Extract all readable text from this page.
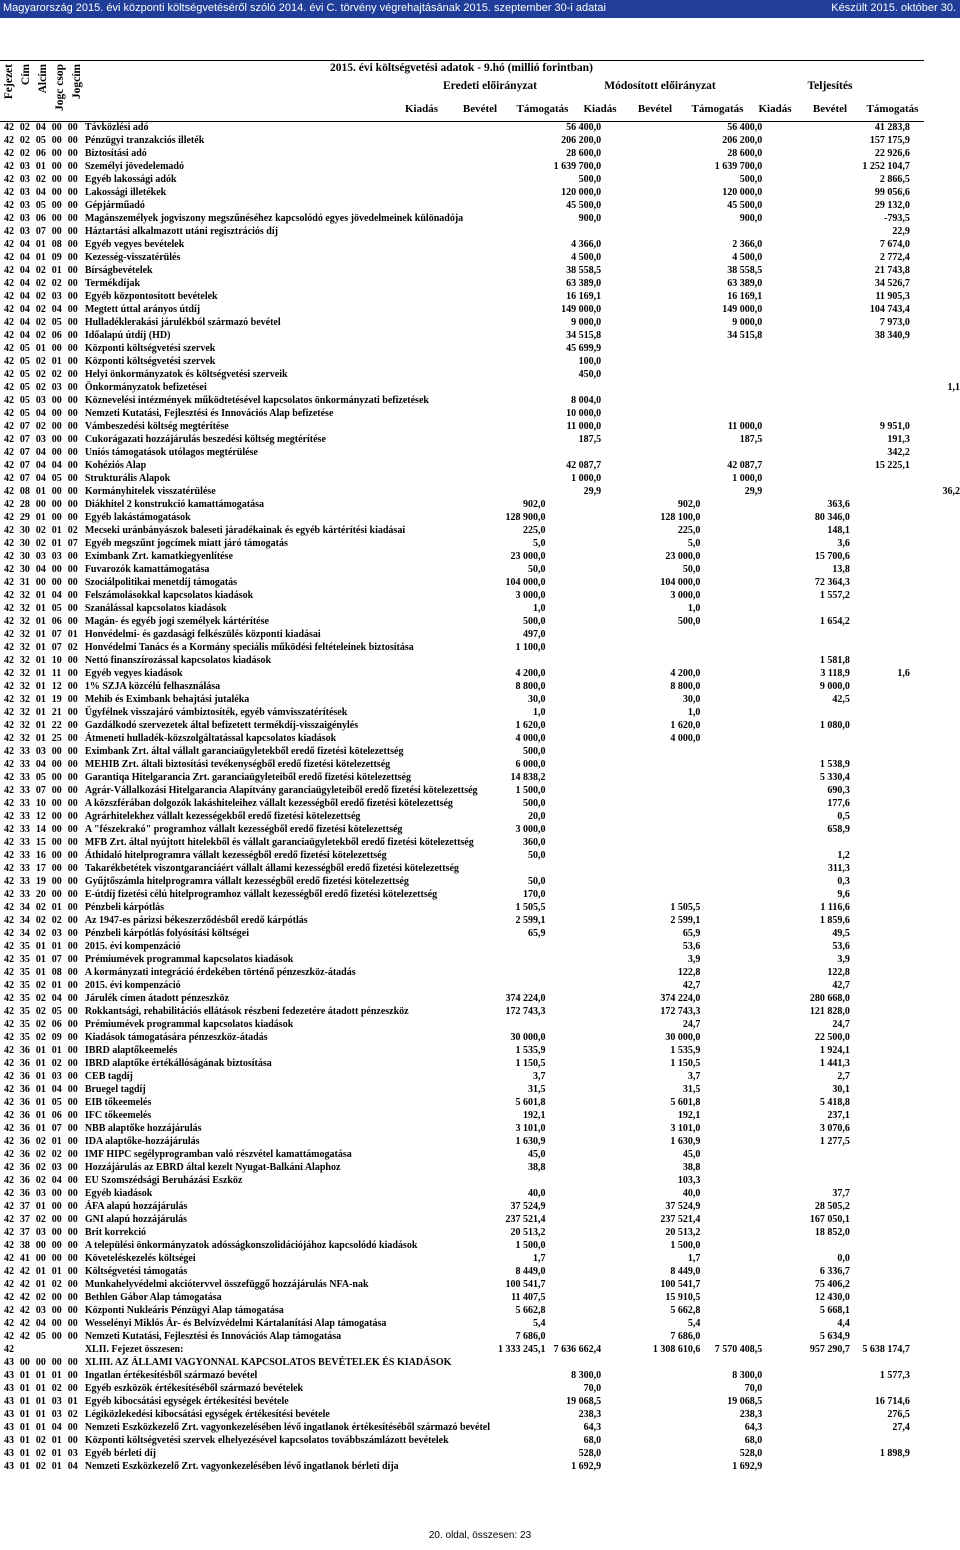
Magyarország 2015. évi központi költségvetéséről szóló 2014. évi C. törvény végrehajtásának 2015. szeptember 30-i adatai	Készült 2015. október 30.
2015. évi költségvetési adatok - 9.hó (millió forintban)
Eredeti előirányzat	Módosított előirányzat	Teljesítés
Kiadás	Bevétel	Támogatás	Kiadás	Bevétel	Támogatás	Kiadás	Bevétel	Támogatás
Fejezet Cím Alcím Jogc csop Jogcím
42	02	04	00	00	Távközlési adó		56 400,0			56 400,0			41 283,8	
42	02	05	00	00	Pénzügyi tranzakciós illeték		206 200,0			206 200,0			157 175,9	
42	02	06	00	00	Biztosítási adó		28 600,0			28 600,0			22 926,6	
42	03	01	00	00	Személyi jövedelemadó		1 639 700,0			1 639 700,0			1 252 104,7	
42	03	02	00	00	Egyéb lakossági adók		500,0			500,0			2 866,5	
42	03	04	00	00	Lakossági illetékek		120 000,0			120 000,0			99 056,6	
42	03	05	00	00	Gépjárműadó		45 500,0			45 500,0			29 132,0	
42	03	06	00	00	Magánszemélyek jogviszony megszűnéséhez kapcsolódó egyes jövedelmeinek különadója		900,0			900,0			-793,5	
42	03	07	00	00	Háztartási alkalmazott utáni regisztrációs díj								22,9	
42	04	01	08	00	Egyéb vegyes bevételek		4 366,0			2 366,0			7 674,0	
42	04	01	09	00	Kezesség-visszatérülés		4 500,0			4 500,0			2 772,4	
42	04	02	01	00	Bírságbevételek		38 558,5			38 558,5			21 743,8	
42	04	02	02	00	Termékdíjak		63 389,0			63 389,0			34 526,7	
42	04	02	03	00	Egyéb központosított bevételek		16 169,1			16 169,1			11 905,3	
42	04	02	04	00	Megtett úttal arányos útdíj		149 000,0			149 000,0			104 743,4	
42	04	02	05	00	Hulladéklerakási járulékból származó bevétel		9 000,0			9 000,0			7 973,0	
42	04	02	06	00	Időalapú útdíj (HD)		34 515,8			34 515,8			38 340,9	
42	05	01	00	00	Központi költségvetési szervek		45 699,9							
42	05	02	01	00	Központi költségvetési szervek		100,0							
42	05	02	02	00	Helyi önkormányzatok és költségvetési szerveik		450,0							
42	05	02	03	00	Önkormányzatok befizetései									1,1
42	05	03	00	00	Köznevelési intézmények működtetésével kapcsolatos önkormányzati befizetések		8 004,0							
42	05	04	00	00	Nemzeti Kutatási, Fejlesztési és Innovációs Alap befizetése		10 000,0							
42	07	02	00	00	Vámbeszedési költség megtérítése		11 000,0			11 000,0			9 951,0	
42	07	03	00	00	Cukorágazati hozzájárulás beszedési költség megtérítése		187,5			187,5			191,3	
42	07	04	00	00	Uniós támogatások utólagos megtérülése								342,2	
42	07	04	04	00	Kohéziós Alap		42 087,7			42 087,7			15 225,1	
42	07	04	05	00	Strukturális Alapok		1 000,0			1 000,0				
42	08	01	00	00	Kormányhitelek visszatérülése		29,9			29,9				36,2
42	28	00	00	00	Diákhitel 2 konstrukció kamattámogatása	902,0			902,0			363,6		
42	29	01	00	00	Egyéb lakástámogatások	128 900,0			128 100,0			80 346,0		
42	30	02	01	02	Mecseki uránbányászok baleseti járadékainak és egyéb kártérítési kiadásai	225,0			225,0			148,1		
42	30	02	01	07	Egyéb megszűnt jogcímek miatt járó támogatás	5,0			5,0			3,6		
42	30	03	03	00	Eximbank Zrt. kamatkiegyenlítése	23 000,0			23 000,0			15 700,6		
42	30	04	00	00	Fuvarozók kamattámogatása	50,0			50,0			13,8		
42	31	00	00	00	Szociálpolitikai menetdíj támogatás	104 000,0			104 000,0			72 364,3		
42	32	01	04	00	Felszámolásokkal kapcsolatos kiadások	3 000,0			3 000,0			1 557,2		
42	32	01	05	00	Szanálással kapcsolatos kiadások	1,0			1,0					
42	32	01	06	00	Magán- és egyéb jogi személyek kártérítése	500,0			500,0			1 654,2		
42	32	01	07	01	Honvédelmi- és gazdasági felkészülés központi kiadásai	497,0								
42	32	01	07	02	Honvédelmi Tanács és a Kormány speciális működési feltételeinek biztosítása	1 100,0								
42	32	01	10	00	Nettó finanszírozással kapcsolatos kiadások							1 581,8		
42	32	01	11	00	Egyéb vegyes kiadások	4 200,0			4 200,0			3 118,9	1,6	
42	32	01	12	00	1% SZJA közcélú felhasználása	8 800,0			8 800,0			9 000,0		
42	32	01	19	00	Mehib és Eximbank behajtási jutaléka	30,0			30,0			42,5		
42	32	01	21	00	Ügyfélnek visszajáró vámbiztosíték, egyéb vámvisszatérítések	1,0			1,0					
42	32	01	22	00	Gazdálkodó szervezetek által befizetett termékdíj-visszaigénylés	1 620,0			1 620,0			1 080,0		
42	32	01	25	00	Átmeneti hulladék-közszolgáltatással kapcsolatos kiadások	4 000,0			4 000,0					
42	33	03	00	00	Eximbank Zrt. által vállalt garanciaügyletekből eredő fizetési kötelezettség	500,0								
42	33	04	00	00	MEHIB Zrt. általi biztosítási tevékenységből eredő fizetési kötelezettség	6 000,0						1 538,9		
42	33	05	00	00	Garantiqa Hitelgarancia Zrt. garanciaügyleteiből eredő fizetési kötelezettség	14 838,2						5 330,4		
42	33	07	00	00	Agrár-Vállalkozási Hitelgarancia Alapítvány garanciaügyleteiből eredő fizetési kötelezettség	1 500,0						690,3		
42	33	10	00	00	A közszférában dolgozók lakáshiteleihez vállalt kezességből eredő fizetési kötelezettség	500,0						177,6		
42	33	12	00	00	Agrárhitelekhez vállalt kezességekből eredő fizetési kötelezettség	20,0						0,5		
42	33	14	00	00	A "fészekrakó" programhoz vállalt kezességből eredő fizetési kötelezettség	3 000,0						658,9		
42	33	15	00	00	MFB Zrt. által nyújtott hitelekből és vállalt garanciaügyletekből eredő fizetési kötelezettség	360,0								
42	33	16	00	00	Áthidaló hitelprogramra vállalt kezességből eredő fizetési kötelezettség	50,0						1,2		
42	33	17	00	00	Takarékbetétek viszontgaranciáért vállalt állami kezességből eredő fizetési kötelezettség							311,3		
42	33	19	00	00	Gyűjtőszámla hitelprogramra vállalt kezességből eredő fizetési kötelezettség	50,0						0,3		
42	33	20	00	00	E-útdíj fizetési célú hitelprogramhoz vállalt kezességből eredő fizetési kötelezettség	170,0						9,6		
42	34	02	01	00	Pénzbeli kárpótlás	1 505,5			1 505,5			1 116,6		
42	34	02	02	00	Az 1947-es párizsi békeszerződésből eredő kárpótlás	2 599,1			2 599,1			1 859,6		
42	34	02	03	00	Pénzbeli kárpótlás folyósítási költségei	65,9			65,9			49,5		
42	35	01	01	00	2015. évi kompenzáció				53,6			53,6		
42	35	01	07	00	Prémiumévek programmal kapcsolatos kiadások				3,9			3,9		
42	35	01	08	00	A kormányzati integráció érdekében történő pénzeszköz-átadás				122,8			122,8		
42	35	02	01	00	2015. évi kompenzáció				42,7			42,7		
42	35	02	04	00	Járulék címen átadott pénzeszköz	374 224,0			374 224,0			280 668,0		
42	35	02	05	00	Rokkantsági, rehabilitációs ellátások részbeni fedezetére átadott pénzeszköz	172 743,3			172 743,3			121 828,0		
42	35	02	06	00	Prémiumévek programmal kapcsolatos kiadások				24,7			24,7		
42	35	02	09	00	Kiadások támogatására pénzeszköz-átadás	30 000,0			30 000,0			22 500,0		
42	36	01	01	00	IBRD alaptőkeemelés	1 535,9			1 535,9			1 924,1		
42	36	01	02	00	IBRD alaptőke értékállóságának biztosítása	1 150,5			1 150,5			1 441,3		
42	36	01	03	00	CEB tagdíj	3,7			3,7			2,7		
42	36	01	04	00	Bruegel tagdíj	31,5			31,5			30,1		
42	36	01	05	00	EIB tőkeemelés	5 601,8			5 601,8			5 418,8		
42	36	01	06	00	IFC tőkeemelés	192,1			192,1			237,1		
42	36	01	07	00	NBB alaptőke hozzájárulás	3 101,0			3 101,0			3 070,6		
42	36	02	01	00	IDA alaptőke-hozzájárulás	1 630,9			1 630,9			1 277,5		
42	36	02	02	00	IMF HIPC segélyprogramban való részvétel kamattámogatása	45,0			45,0					
42	36	02	03	00	Hozzájárulás az EBRD által kezelt Nyugat-Balkáni Alaphoz	38,8			38,8					
42	36	02	04	00	EU Szomszédsági Beruházási Eszköz				103,3					
42	36	03	00	00	Egyéb kiadások	40,0			40,0			37,7		
42	37	01	00	00	ÁFA alapú hozzájárulás	37 524,9			37 524,9			28 505,2		
42	37	02	00	00	GNI alapú hozzájárulás	237 521,4			237 521,4			167 050,1		
42	37	03	00	00	Brit korrekció	20 513,2			20 513,2			18 852,0		
42	38	00	00	00	A települési önkormányzatok adósságkonszolidációjához kapcsolódó kiadások	1 500,0			1 500,0					
42	41	00	00	00	Követeléskezelés költségei	1,7			1,7			0,0		
42	42	01	01	00	Költségvetési támogatás	8 449,0			8 449,0			6 336,7		
42	42	01	02	00	Munkahelyvédelmi akciótervvel összefüggő hozzájárulás NFA-nak	100 541,7			100 541,7			75 406,2		
42	42	02	00	00	Bethlen Gábor Alap támogatása	11 407,5			15 910,5			12 430,0		
42	42	03	00	00	Központi Nukleáris Pénzügyi Alap támogatása	5 662,8			5 662,8			5 668,1		
42	42	04	00	00	Wesselényi Miklós Ár- és Belvízvédelmi Kártalanítási Alap támogatása	5,4			5,4			4,4		
42	42	05	00	00	Nemzeti Kutatási, Fejlesztési és Innovációs Alap támogatása	7 686,0			7 686,0			5 634,9		
42					XLII. Fejezet összesen:	1 333 245,1	7 636 662,4		1 308 610,6	7 570 408,5		957 290,7	5 638 174,7	
43	00	00	00	00	XLIII. AZ ÁLLAMI VAGYONNAL KAPCSOLATOS BEVÉTELEK ÉS KIADÁSOK									
43	01	01	01	00	Ingatlan értékesítésből származó bevétel		8 300,0			8 300,0			1 577,3	
43	01	01	02	00	Egyéb eszközök értékesítéséből származó bevételek		70,0			70,0				
43	01	01	03	01	Egyéb kibocsátási egységek értékesítési bevétele		19 068,5			19 068,5			16 714,6	
43	01	01	03	02	Légiközlekedési kibocsátási egységek értékesítési bevétele		238,3			238,3			276,5	
43	01	01	04	00	Nemzeti Eszközkezelő Zrt. vagyonkezelésében lévő ingatlanok értékesítéséből származó bevétel		64,3			64,3			27,4	
43	01	02	01	00	Központi költségvetési szervek elhelyezésével kapcsolatos továbbszámlázott bevételek		68,0			68,0				
43	01	02	01	03	Egyéb bérleti díj		528,0			528,0			1 898,9	
43	01	02	01	04	Nemzeti Eszközkezelő Zrt. vagyonkezelésében lévő ingatlanok bérleti díja		1 692,9			1 692,9				
20. oldal, összesen: 23
